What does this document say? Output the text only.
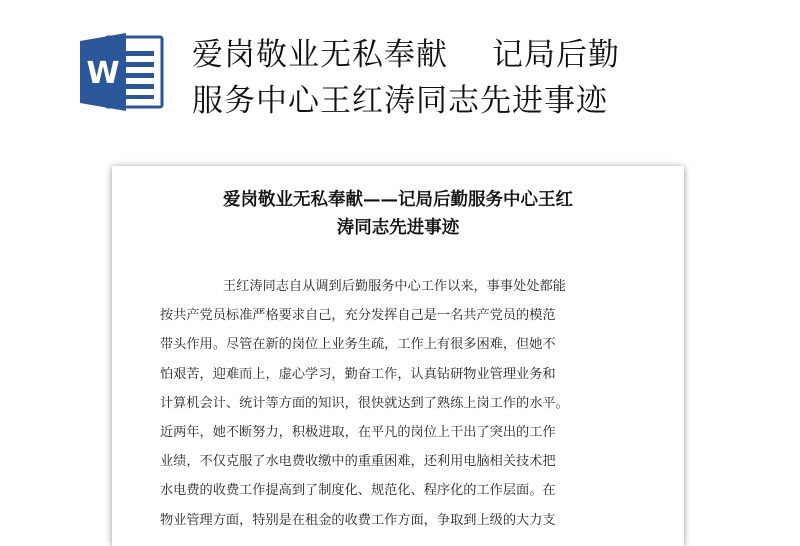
W
爱岗敬业无私奉献 记局后勤
服务中心王红涛同志先进事迹
爱岗敬业无私奉献——记局后勤服务中心王红
涛同志先进事迹
王红涛同志自从调到后勤服务中心工作以来，事事处处都能
按共产党员标准严格要求自己，充分发挥自己是一名共产党员的模范
带头作用。尽管在新的岗位上业务生疏，工作上有很多困难，但她不
怕艰苦，迎难而上，虚心学习，勤奋工作，认真钻研物业管理业务和
计算机会计、统计等方面的知识，很快就达到了熟练上岗工作的水平。
近两年，她不断努力，积极进取，在平凡的岗位上干出了突出的工作
业绩，不仅克服了水电费收缴中的重重困难，还利用电脑相关技术把
水电费的收费工作提高到了制度化、规范化、程序化的工作层面。在
物业管理方面，特别是在租金的收费工作方面，争取到上级的大力支
